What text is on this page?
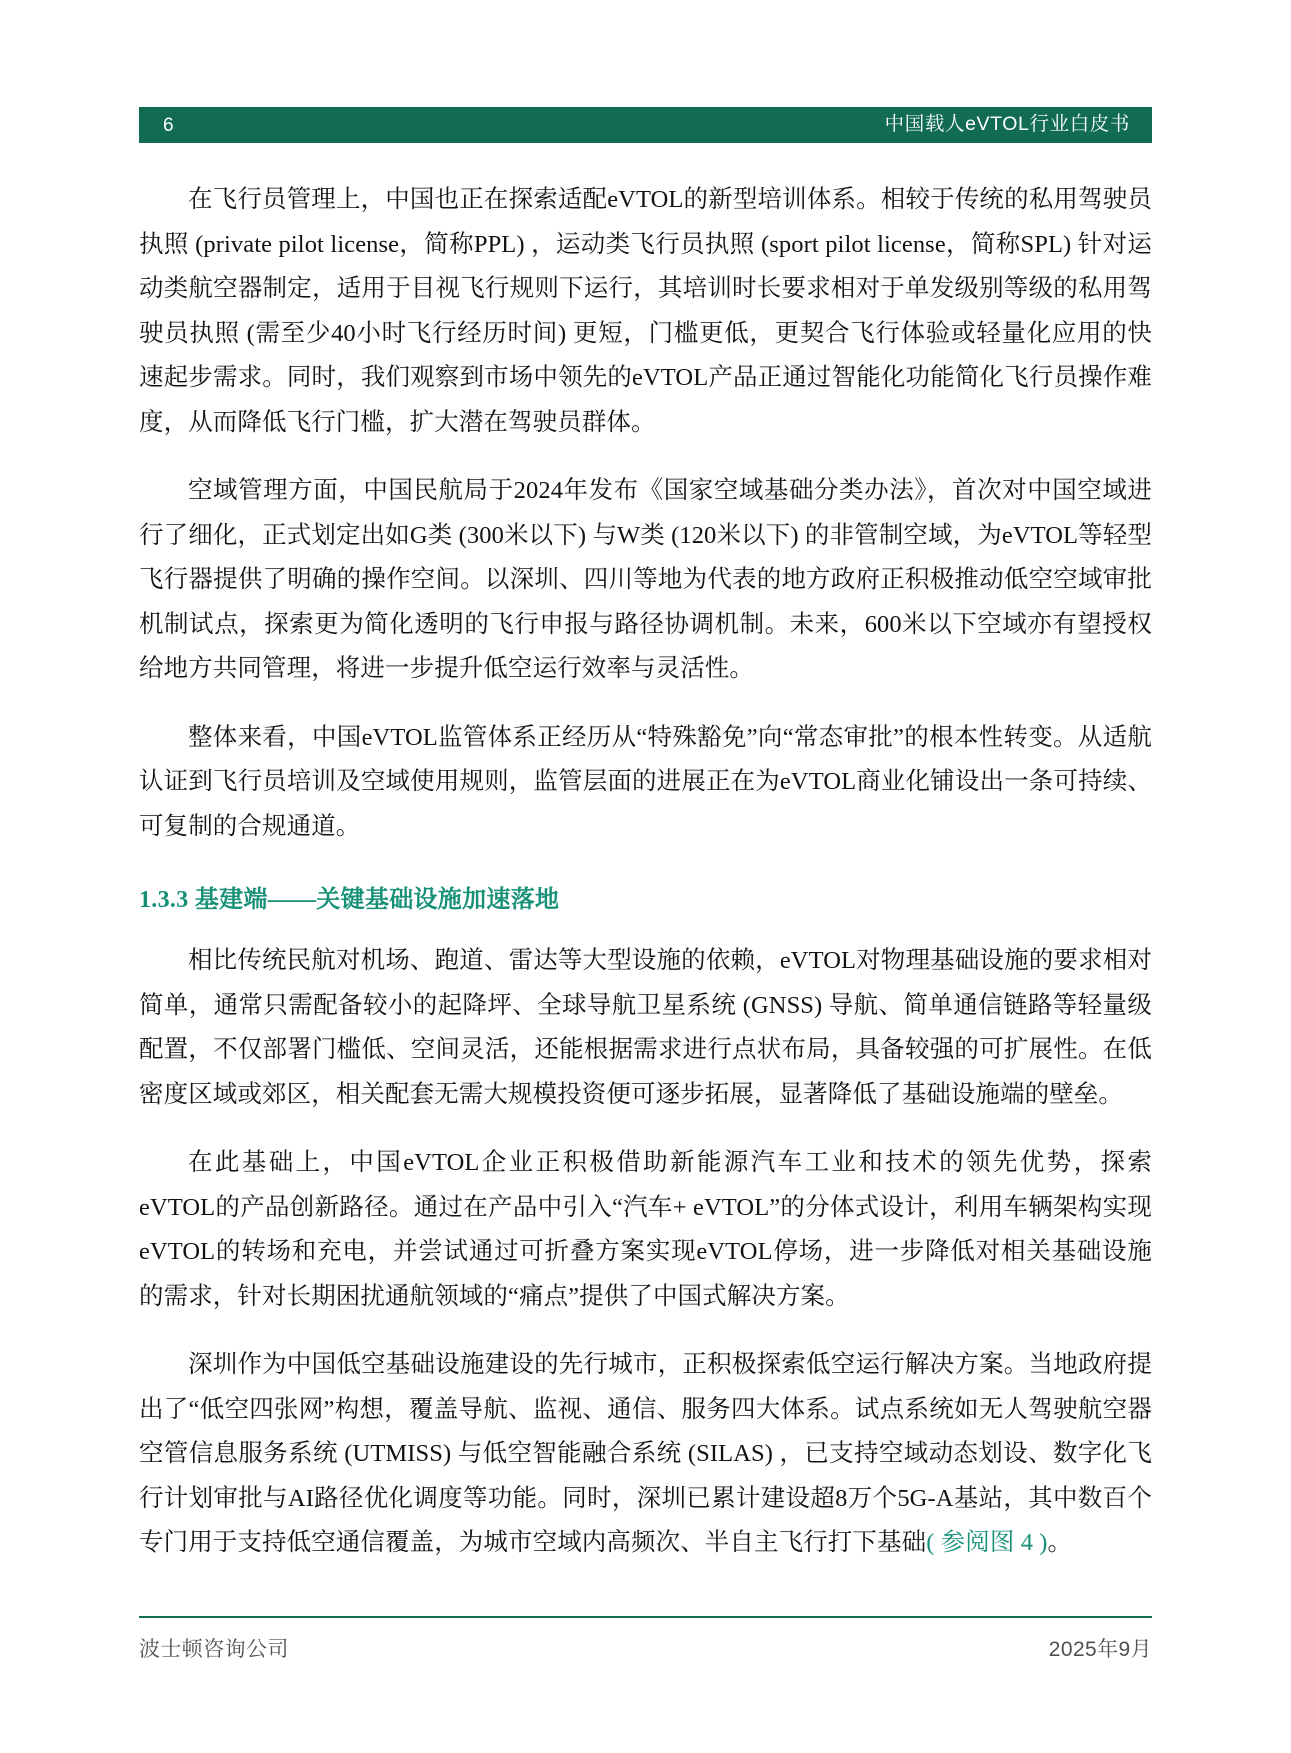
6	中国载人eVTOL行业白皮书

在飞行员管理上，中国也正在探索适配eVTOL的新型培训体系。相较于传统的私用驾驶员执照 (private pilot license，简称PPL) ，运动类飞行员执照 (sport pilot license，简称SPL) 针对运动类航空器制定，适用于目视飞行规则下运行，其培训时长要求相对于单发级别等级的私用驾驶员执照 (需至少40小时飞行经历时间) 更短，门槛更低，更契合飞行体验或轻量化应用的快速起步需求。同时，我们观察到市场中领先的eVTOL产品正通过智能化功能简化飞行员操作难度，从而降低飞行门槛，扩大潜在驾驶员群体。

空域管理方面，中国民航局于2024年发布《国家空域基础分类办法》，首次对中国空域进行了细化，正式划定出如G类 (300米以下) 与W类 (120米以下) 的非管制空域，为eVTOL等轻型飞行器提供了明确的操作空间。以深圳、四川等地为代表的地方政府正积极推动低空空域审批机制试点，探索更为简化透明的飞行申报与路径协调机制。未来，600米以下空域亦有望授权给地方共同管理，将进一步提升低空运行效率与灵活性。

整体来看，中国eVTOL监管体系正经历从“特殊豁免”向“常态审批”的根本性转变。从适航认证到飞行员培训及空域使用规则，监管层面的进展正在为eVTOL商业化铺设出一条可持续、可复制的合规通道。

1.3.3 基建端——关键基础设施加速落地

相比传统民航对机场、跑道、雷达等大型设施的依赖，eVTOL对物理基础设施的要求相对简单，通常只需配备较小的起降坪、全球导航卫星系统 (GNSS) 导航、简单通信链路等轻量级配置，不仅部署门槛低、空间灵活，还能根据需求进行点状布局，具备较强的可扩展性。在低密度区域或郊区，相关配套无需大规模投资便可逐步拓展，显著降低了基础设施端的壁垒。

在此基础上，中国eVTOL企业正积极借助新能源汽车工业和技术的领先优势，探索eVTOL的产品创新路径。通过在产品中引入“汽车+ eVTOL”的分体式设计，利用车辆架构实现eVTOL的转场和充电，并尝试通过可折叠方案实现eVTOL停场，进一步降低对相关基础设施的需求，针对长期困扰通航领域的“痛点”提供了中国式解决方案。

深圳作为中国低空基础设施建设的先行城市，正积极探索低空运行解决方案。当地政府提出了“低空四张网”构想，覆盖导航、监视、通信、服务四大体系。试点系统如无人驾驶航空器空管信息服务系统 (UTMISS) 与低空智能融合系统 (SILAS) ，已支持空域动态划设、数字化飞行计划审批与AI路径优化调度等功能。同时，深圳已累计建设超8万个5G-A基站，其中数百个专门用于支持低空通信覆盖，为城市空域内高频次、半自主飞行打下基础( 参阅图 4 )。

波士顿咨询公司	2025年9月
